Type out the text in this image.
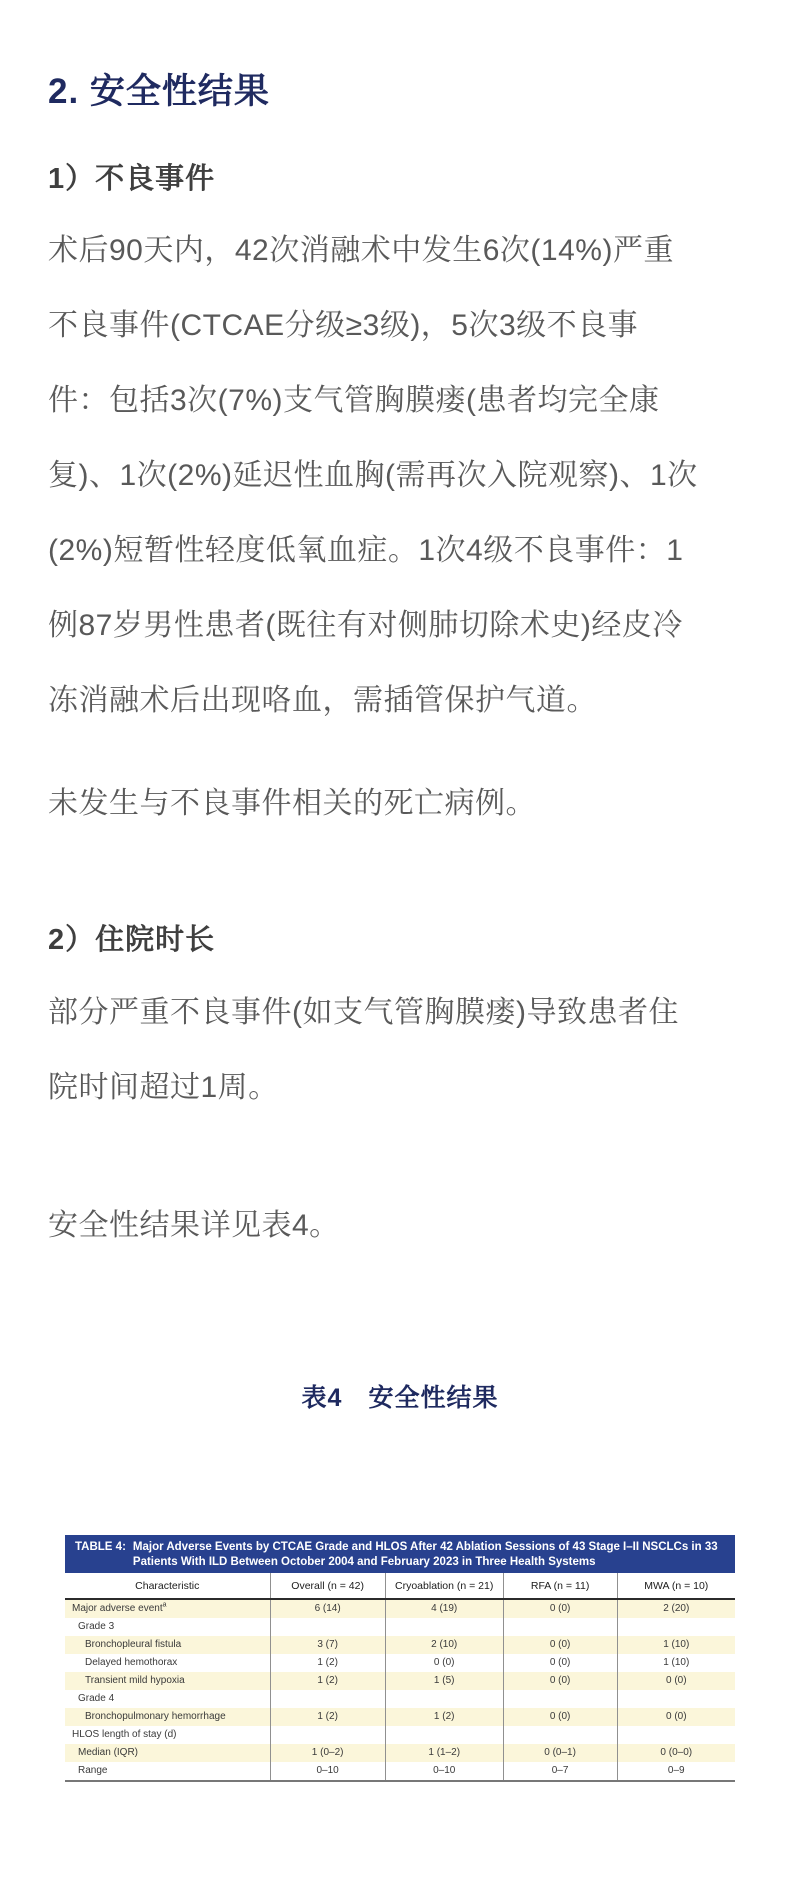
2. 安全性结果
1）不良事件
术后90天内，42次消融术中发生6次(14%)严重
不良事件(CTCAE分级≥3级)，5次3级不良事
件：包括3次(7%)支气管胸膜瘘(患者均完全康
复)、1次(2%)延迟性血胸(需再次入院观察)、1次
(2%)短暂性轻度低氧血症。1次4级不良事件：1
例87岁男性患者(既往有对侧肺切除术史)经皮冷
冻消融术后出现咯血，需插管保护气道。
未发生与不良事件相关的死亡病例。
2）住院时长
部分严重不良事件(如支气管胸膜瘘)导致患者住
院时间超过1周。
安全性结果详见表4。
表4　安全性结果
TABLE 4: Major Adverse Events by CTCAE Grade and HLOS After 42 Ablation Sessions of 43 Stage I–II NSCLCs in 33 Patients With ILD Between October 2004 and February 2023 in Three Health Systems
Characteristic	Overall (n = 42)	Cryoablation (n = 21)	RFA (n = 11)	MWA (n = 10)
Major adverse event$^a$	6 (14)	4 (19)	0 (0)	2 (20)
Grade 3				
Bronchopleural fistula	3 (7)	2 (10)	0 (0)	1 (10)
Delayed hemothorax	1 (2)	0 (0)	0 (0)	1 (10)
Transient mild hypoxia	1 (2)	1 (5)	0 (0)	0 (0)
Grade 4				
Bronchopulmonary hemorrhage	1 (2)	1 (2)	0 (0)	0 (0)
HLOS length of stay (d)				
Median (IQR)	1 (0–2)	1 (1–2)	0 (0–1)	0 (0–0)
Range	0–10	0–10	0–7	0–9
